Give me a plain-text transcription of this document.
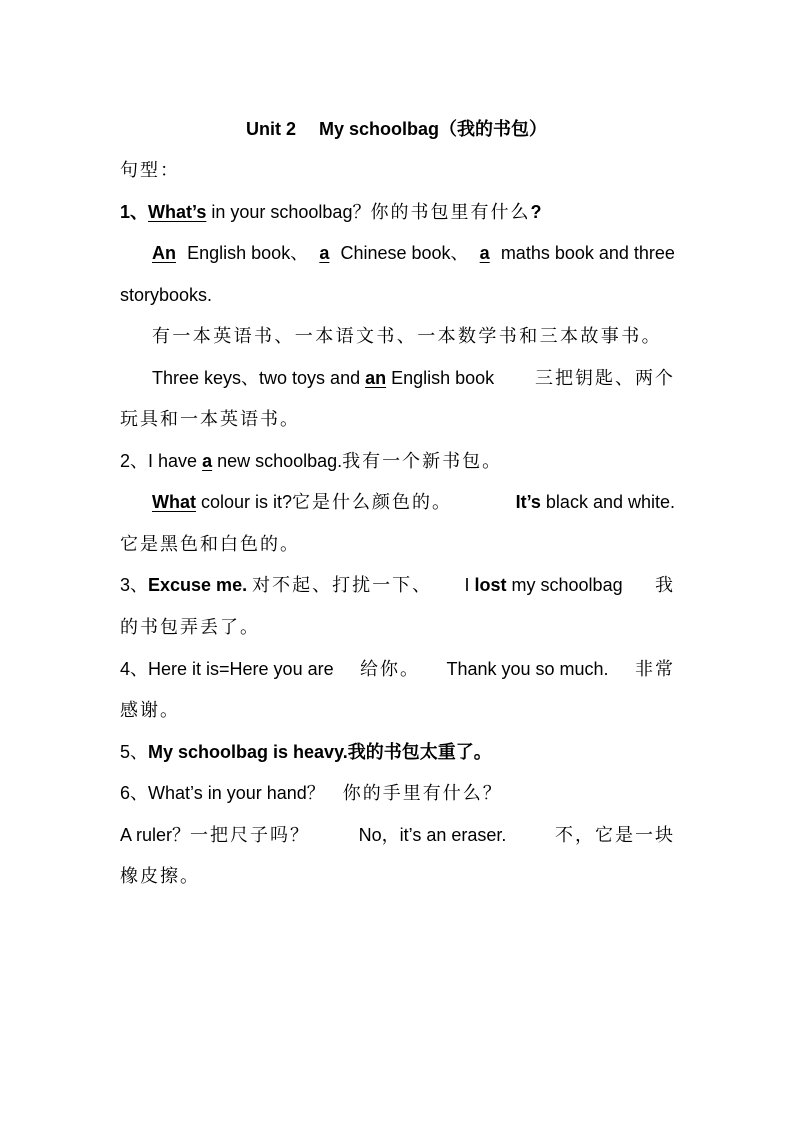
Unit 2　 My schoolbag（我的书包）
句型：
1、What’s in your schoolbag？你的书包里有什么?
An English book、 a Chinese book、 a maths book and three
storybooks.
有一本英语书、一本语文书、一本数学书和三本故事书。
Three keys、two toys and an English book 三把钥匙、两个
玩具和一本英语书。
2、I have a new schoolbag.我有一个新书包。
What colour is it?它是什么颜色的。	It’s black and white.
它是黑色和白色的。
3、Excuse me. 对不起、打扰一下、 I lost my schoolbag 我
的书包弄丢了。
4、Here it is=Here you are 给你。 Thank you so much. 非常
感谢。
5、My schoolbag is heavy.我的书包太重了。
6、What’s in your hand？ 你的手里有什么？
A ruler？一把尺子吗？	No，it’s an eraser.	不，它是一块
橡皮擦。
